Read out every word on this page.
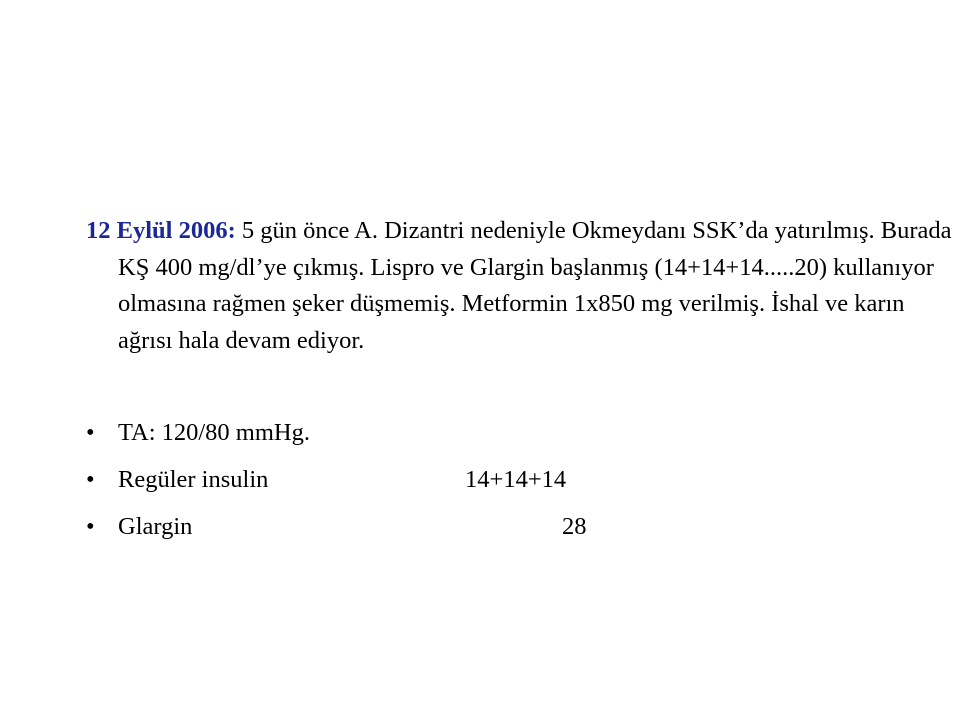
12 Eylül 2006: 5 gün önce A. Dizantri nedeniyle Okmeydanı SSK’da yatırılmış. Burada KŞ 400 mg/dl’ye çıkmış. Lispro ve Glargin başlanmış (14+14+14.....20) kullanıyor olmasına rağmen şeker düşmemiş. Metformin 1x850 mg verilmiş. İshal ve karın ağrısı hala devam ediyor.

• TA: 120/80 mmHg.
• Regüler insulin	14+14+14
• Glargin	28
